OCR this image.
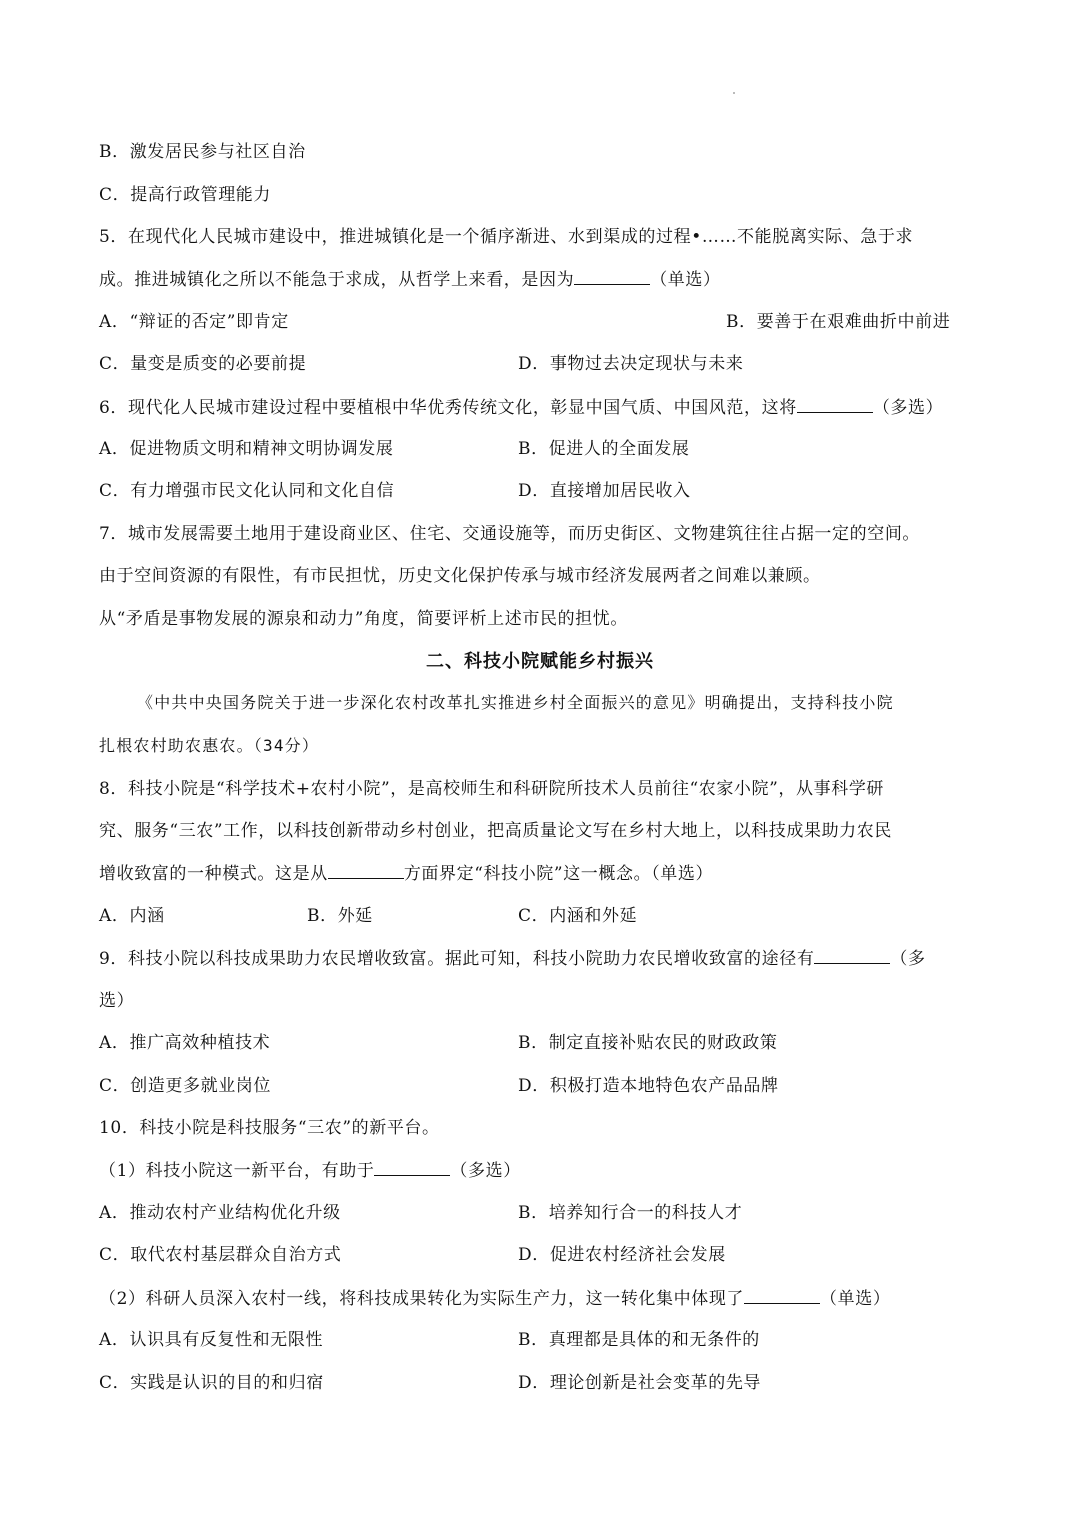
B．激发居民参与社区自治
C．提高行政管理能力
5．在现代化人民城市建设中，推进城镇化是一个循序渐进、水到渠成的过程•……不能脱离实际、急于求
成。推进城镇化之所以不能急于求成，从哲学上来看，是因为	（单选）
A．“辩证的否定”即肯定	B．要善于在艰难曲折中前进
C．量变是质变的必要前提	D．事物过去决定现状与未来
6．现代化人民城市建设过程中要植根中华优秀传统文化，彰显中国气质、中国风范，这将	（多选）
A．促进物质文明和精神文明协调发展	B．促进人的全面发展
C．有力增强市民文化认同和文化自信	D．直接增加居民收入
7．城市发展需要土地用于建设商业区、住宅、交通设施等，而历史街区、文物建筑往往占据一定的空间。
由于空间资源的有限性，有市民担忧，历史文化保护传承与城市经济发展两者之间难以兼顾。
从“矛盾是事物发展的源泉和动力”角度，简要评析上述市民的担忧。
二、科技小院赋能乡村振兴
《中共中央国务院关于进一步深化农村改革扎实推进乡村全面振兴的意见》明确提出，支持科技小院
扎根农村助农惠农。（34分）
8．科技小院是“科学技术+农村小院”，是高校师生和科研院所技术人员前往“农家小院”，从事科学研
究、服务“三农”工作，以科技创新带动乡村创业，把高质量论文写在乡村大地上，以科技成果助力农民
增收致富的一种模式。这是从	方面界定“科技小院”这一概念。（单选）
A．内涵	B．外延	C．内涵和外延
9．科技小院以科技成果助力农民增收致富。据此可知，科技小院助力农民增收致富的途径有	（多
选）
A．推广高效种植技术	B．制定直接补贴农民的财政政策
C．创造更多就业岗位	D．积极打造本地特色农产品品牌
10．科技小院是科技服务“三农”的新平台。
（1）科技小院这一新平台，有助于	（多选）
A．推动农村产业结构优化升级	B．培养知行合一的科技人才
C．取代农村基层群众自治方式	D．促进农村经济社会发展
（2）科研人员深入农村一线，将科技成果转化为实际生产力，这一转化集中体现了	（单选）
A．认识具有反复性和无限性	B．真理都是具体的和无条件的
C．实践是认识的目的和归宿	D．理论创新是社会变革的先导
